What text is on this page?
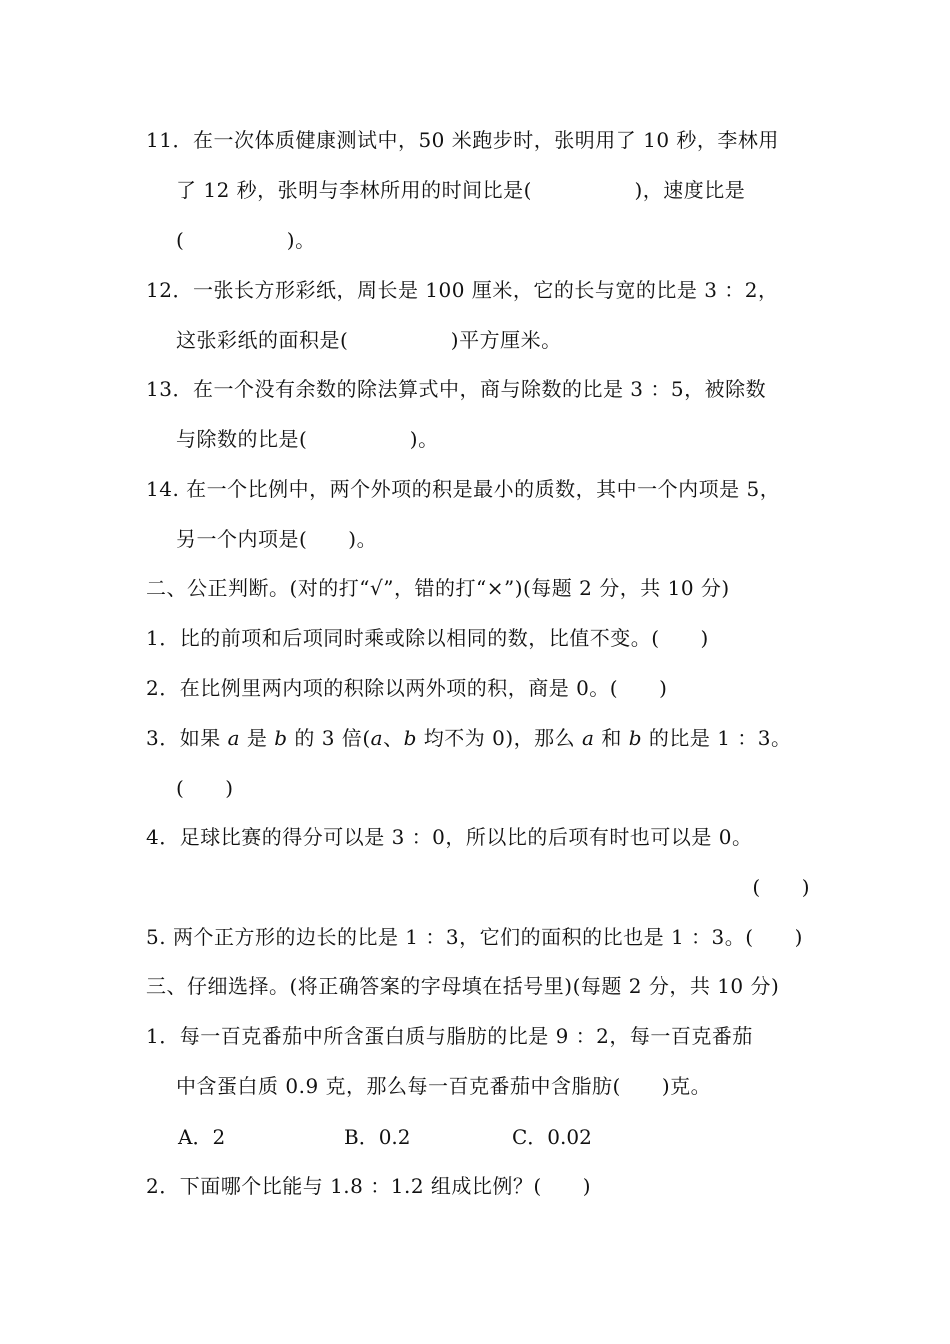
11．在一次体质健康测试中，50 米跑步时，张明用了 10 秒，李林用
了 12 秒，张明与李林所用的时间比是(　　　　　)，速度比是
(　　　　　)。
12．一张长方形彩纸，周长是 100 厘米，它的长与宽的比是 3 ：2，
这张彩纸的面积是(　　　　　)平方厘米。
13．在一个没有余数的除法算式中，商与除数的比是 3 ：5，被除数
与除数的比是(　　　　　)。
14. 在一个比例中，两个外项的积是最小的质数，其中一个内项是 5，
另一个内项是(　　)。
二、公正判断。(对的打“√”，错的打“×”)(每题 2 分，共 10 分)
1．比的前项和后项同时乘或除以相同的数，比值不变。(　　)
2．在比例里两内项的积除以两外项的积，商是 0。(　　)
3．如果 a 是 b 的 3 倍(a、b 均不为 0)，那么 a 和 b 的比是 1 ：3。
(　　)
4．足球比赛的得分可以是 3 ：0，所以比的后项有时也可以是 0。
(　　)
5. 两个正方形的边长的比是 1 ：3，它们的面积的比也是 1 ：3。(　　)
三、仔细选择。(将正确答案的字母填在括号里)(每题 2 分，共 10 分)
1．每一百克番茄中所含蛋白质与脂肪的比是 9 ：2，每一百克番茄
中含蛋白质 0.9 克，那么每一百克番茄中含脂肪(　　)克。
A．2	B．0.2	C．0.02
2．下面哪个比能与 1.8 ：1.2 组成比例？(　　)
